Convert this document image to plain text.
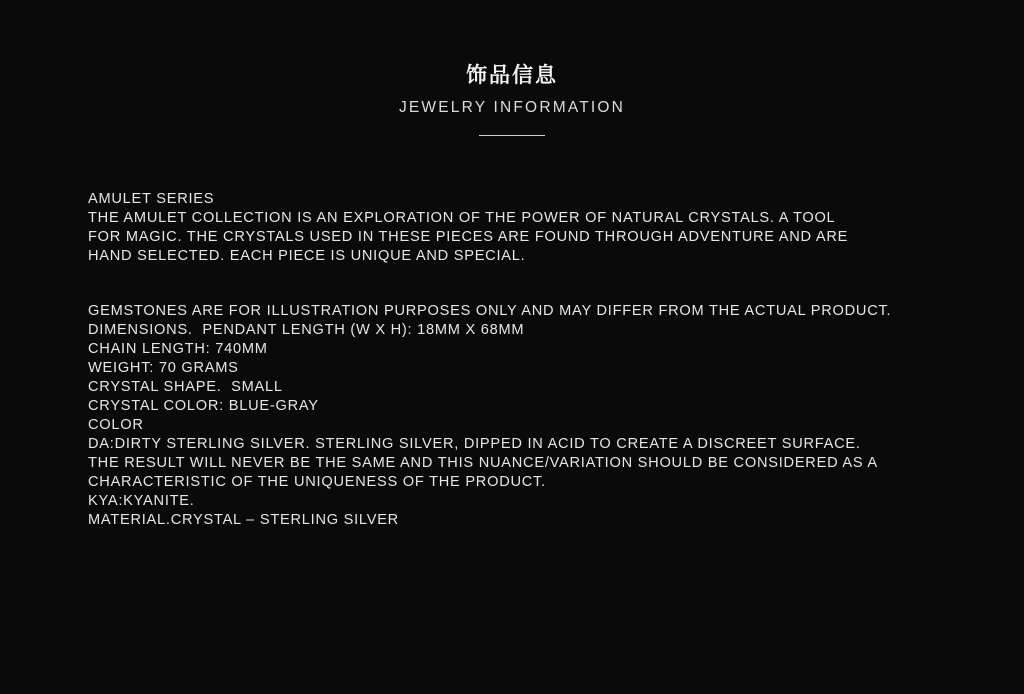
饰品信息
JEWELRY INFORMATION
AMULET SERIES
THE AMULET COLLECTION IS AN EXPLORATION OF THE POWER OF NATURAL CRYSTALS. A TOOL
FOR MAGIC. THE CRYSTALS USED IN THESE PIECES ARE FOUND THROUGH ADVENTURE AND ARE
HAND SELECTED. EACH PIECE IS UNIQUE AND SPECIAL.
GEMSTONES ARE FOR ILLUSTRATION PURPOSES ONLY AND MAY DIFFER FROM THE ACTUAL PRODUCT.
DIMENSIONS.  PENDANT LENGTH (W X H): 18MM X 68MM
CHAIN LENGTH: 740MM
WEIGHT: 70 GRAMS
CRYSTAL SHAPE.  SMALL
CRYSTAL COLOR: BLUE-GRAY
COLOR
DA:DIRTY STERLING SILVER. STERLING SILVER, DIPPED IN ACID TO CREATE A DISCREET SURFACE.
THE RESULT WILL NEVER BE THE SAME AND THIS NUANCE/VARIATION SHOULD BE CONSIDERED AS A
CHARACTERISTIC OF THE UNIQUENESS OF THE PRODUCT.
KYA:KYANITE.
MATERIAL.CRYSTAL – STERLING SILVER
